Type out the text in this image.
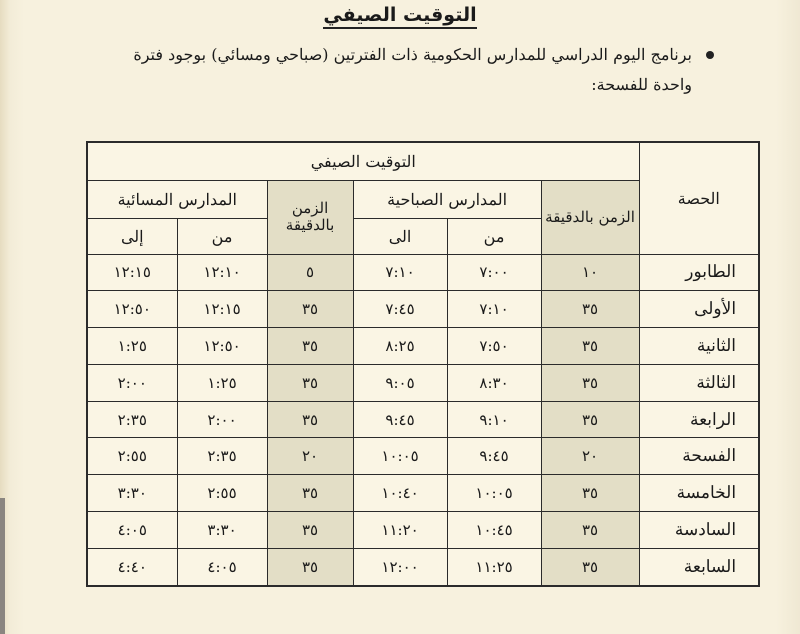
التوقيت الصيفي
برنامج اليوم الدراسي للمدارس الحكومية ذات الفترتين (صباحي ومسائي) بوجود فترة واحدة للفسحة:
الحصة	التوقيت الصيفي					
	الزمن بالدقيقة	المدارس الصباحية		الزمن بالدقيقة	المدارس المسائية	
		من	الى		من	إلى
الطابور	١٠	٧:٠٠	٧:١٠	٥	١٢:١٠	١٢:١٥
الأولى	٣٥	٧:١٠	٧:٤٥	٣٥	١٢:١٥	١٢:٥٠
الثانية	٣٥	٧:٥٠	٨:٢٥	٣٥	١٢:٥٠	١:٢٥
الثالثة	٣٥	٨:٣٠	٩:٠٥	٣٥	١:٢٥	٢:٠٠
الرابعة	٣٥	٩:١٠	٩:٤٥	٣٥	٢:٠٠	٢:٣٥
الفسحة	٢٠	٩:٤٥	١٠:٠٥	٢٠	٢:٣٥	٢:٥٥
الخامسة	٣٥	١٠:٠٥	١٠:٤٠	٣٥	٢:٥٥	٣:٣٠
السادسة	٣٥	١٠:٤٥	١١:٢٠	٣٥	٣:٣٠	٤:٠٥
السابعة	٣٥	١١:٢٥	١٢:٠٠	٣٥	٤:٠٥	٤:٤٠
